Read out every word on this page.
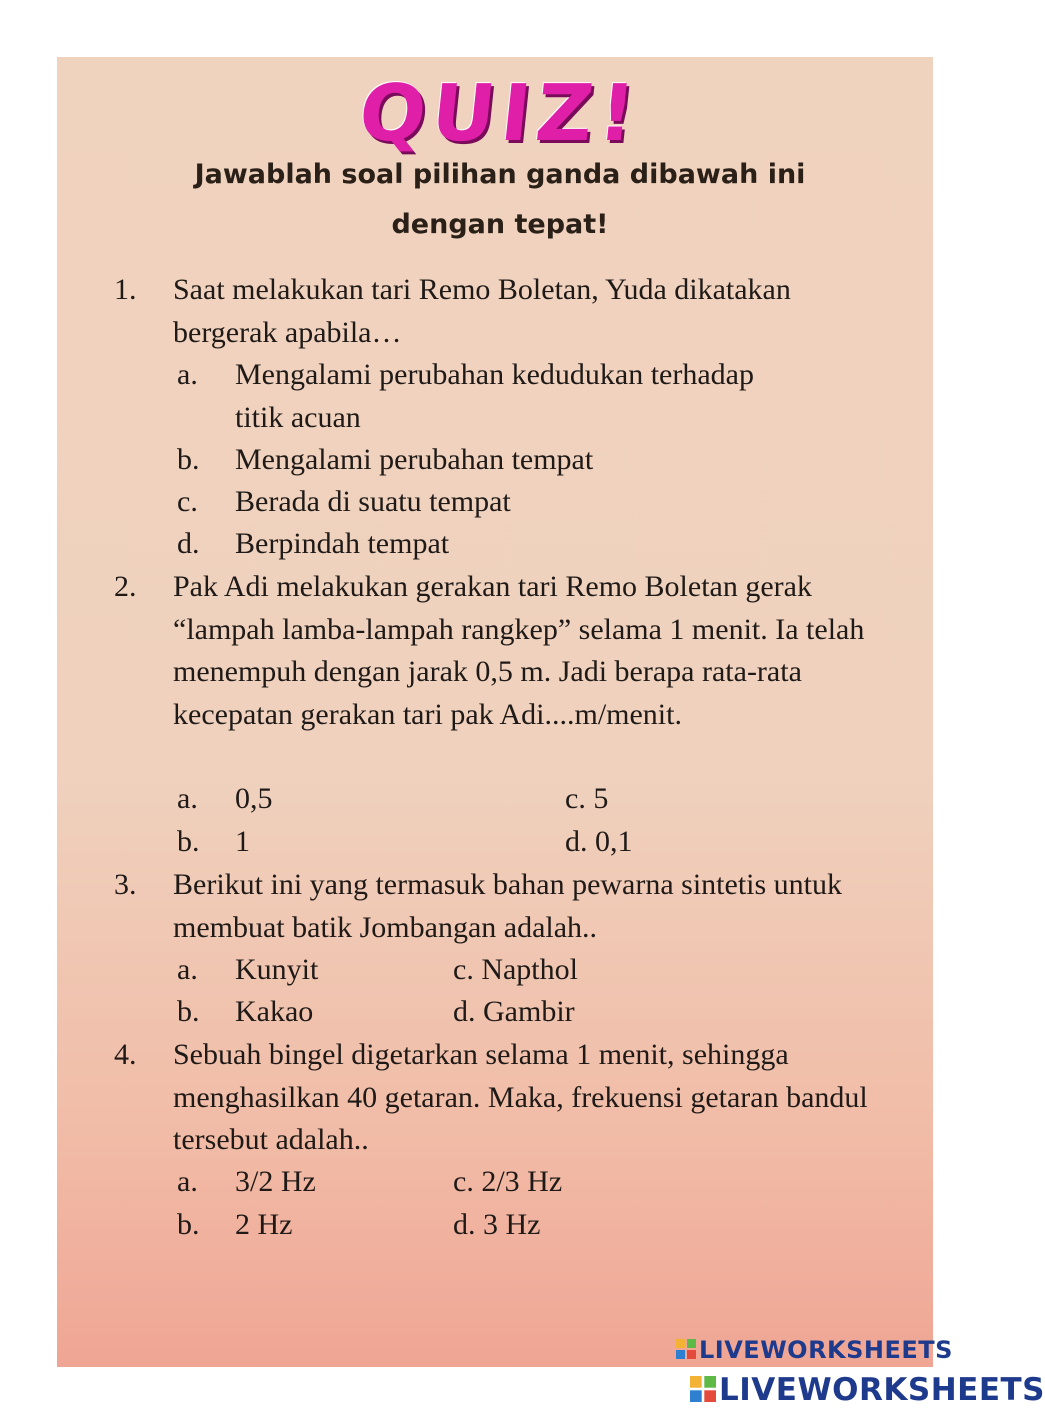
QUIZ!
Jawablah soal pilihan ganda dibawah ini
dengan tepat!
1. Saat melakukan tari Remo Boletan, Yuda dikatakan bergerak apabila…
a. Mengalami perubahan kedudukan terhadap
titik acuan
b. Mengalami perubahan tempat
c. Berada di suatu tempat
d. Berpindah tempat
2. Pak Adi melakukan gerakan tari Remo Boletan gerak “lampah lamba-lampah rangkep” selama 1 menit. Ia telah menempuh dengan jarak 0,5 m. Jadi berapa rata-rata kecepatan gerakan tari pak Adi....m/menit.
a. 0,5
b. 1
c. 5
d. 0,1
3. Berikut ini yang termasuk bahan pewarna sintetis untuk membuat batik Jombangan adalah..
a. Kunyit
b. Kakao
c. Napthol
d. Gambir
4. Sebuah bingel digetarkan selama 1 menit, sehingga menghasilkan 40 getaran. Maka, frekuensi getaran bandul tersebut adalah..
a. 3/2 Hz
b. 2 Hz
c. 2/3 Hz
d. 3 Hz
LIVEWORKSHEETS
LIVEWORKSHEETS
